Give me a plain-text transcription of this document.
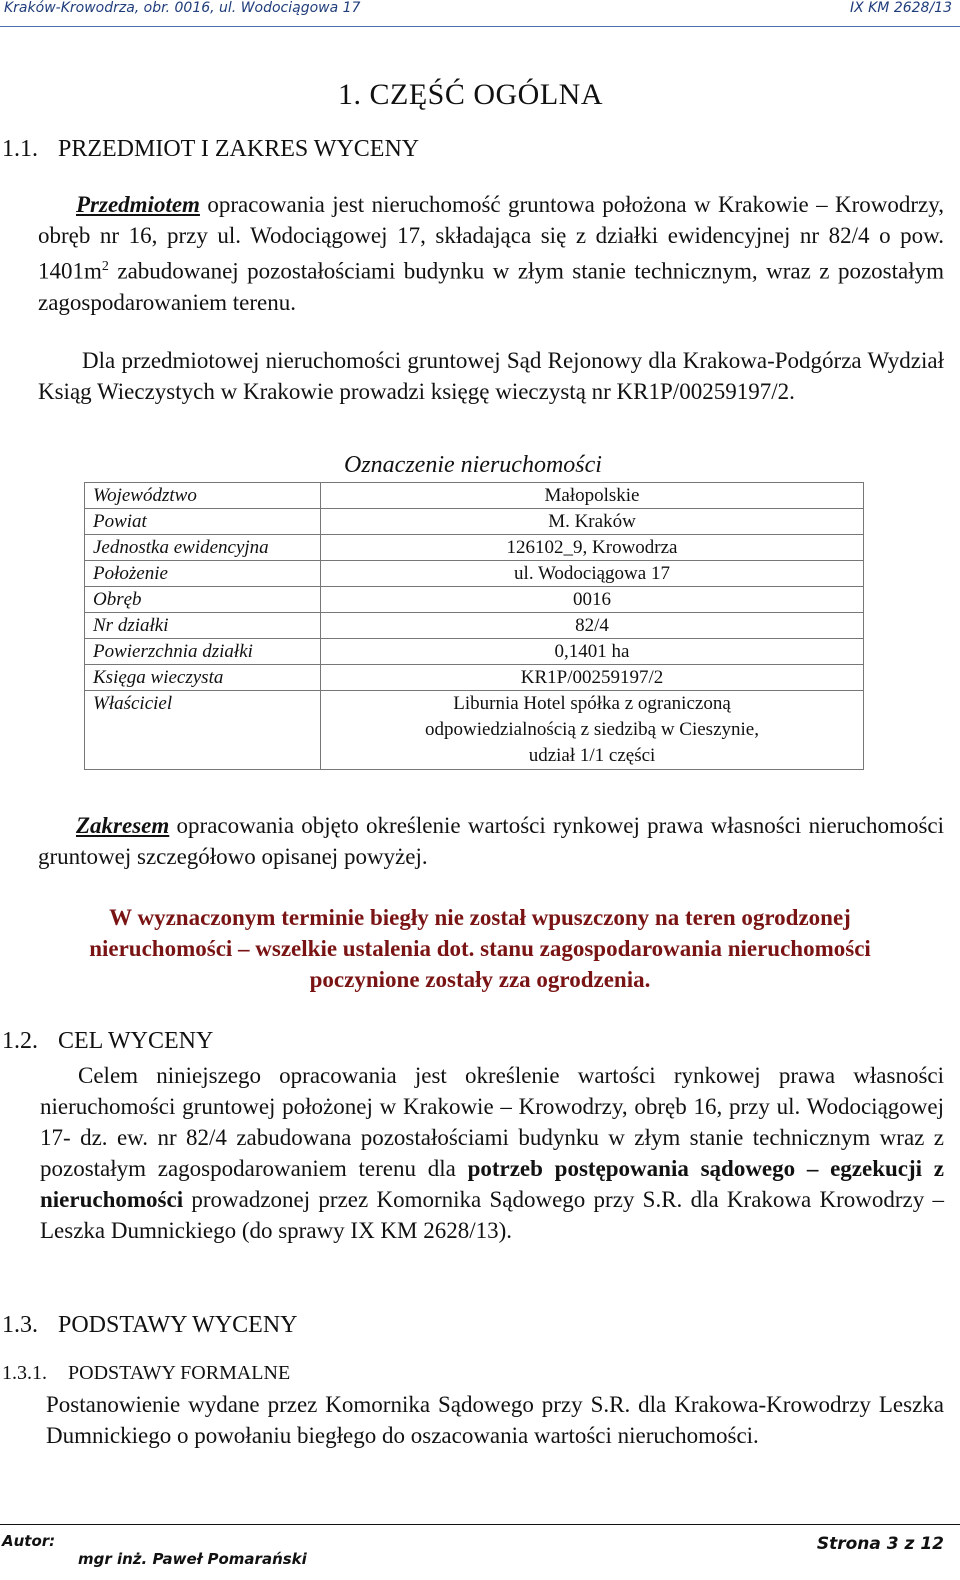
Kraków-Krowodrza, obr. 0016, ul. Wodociągowa 17	IX KM 2628/13
1. CZĘŚĆ OGÓLNA
1.1. PRZEDMIOT I ZAKRES WYCENY

Przedmiotem opracowania jest nieruchomość gruntowa położona w Krakowie – Krowodrzy, obręb nr 16, przy ul. Wodociągowej 17, składająca się z działki ewidencyjnej nr 82/4 o pow. $1401m^2$ zabudowanej pozostałościami budynku w złym stanie technicznym, wraz z pozostałym zagospodarowaniem terenu.

Dla przedmiotowej nieruchomości gruntowej Sąd Rejonowy dla Krakowa-Podgórza Wydział Ksiąg Wieczystych w Krakowie prowadzi księgę wieczystą nr KR1P/00259197/2.

Oznaczenie nieruchomości
Województwo	Małopolskie
Powiat	M. Kraków
Jednostka ewidencyjna	126102_9, Krowodrza
Położenie	ul. Wodociągowa 17
Obręb	0016
Nr działki	82/4
Powierzchnia działki	0,1401 ha
Księga wieczysta	KR1P/00259197/2
Właściciel	Liburnia Hotel spółka z ograniczoną
odpowiedzialnością z siedzibą w Cieszynie,
udział 1/1 części

Zakresem opracowania objęto określenie wartości rynkowej prawa własności nieruchomości gruntowej szczegółowo opisanej powyżej.

W wyznaczonym terminie biegły nie został wpuszczony na teren ogrodzonej
nieruchomości – wszelkie ustalenia dot. stanu zagospodarowania nieruchomości
poczynione zostały zza ogrodzenia.
1.2. CEL WYCENY

Celem niniejszego opracowania jest określenie wartości rynkowej prawa własności nieruchomości gruntowej położonej w Krakowie – Krowodrzy, obręb 16, przy ul. Wodociągowej 17- dz. ew. nr 82/4 zabudowana pozostałościami budynku w złym stanie technicznym wraz z pozostałym zagospodarowaniem terenu dla potrzeb postępowania sądowego – egzekucji z nieruchomości prowadzonej przez Komornika Sądowego przy S.R. dla Krakowa Krowodrzy – Leszka Dumnickiego (do sprawy IX KM 2628/13).

1.3. PODSTAWY WYCENY
1.3.1. PODSTAWY FORMALNE

Postanowienie wydane przez Komornika Sądowego przy S.R. dla Krakowa-Krowodrzy Leszka Dumnickiego o powołaniu biegłego do oszacowania wartości nieruchomości.

Autor:
mgr inż. Paweł Pomarański
Strona 3 z 12
